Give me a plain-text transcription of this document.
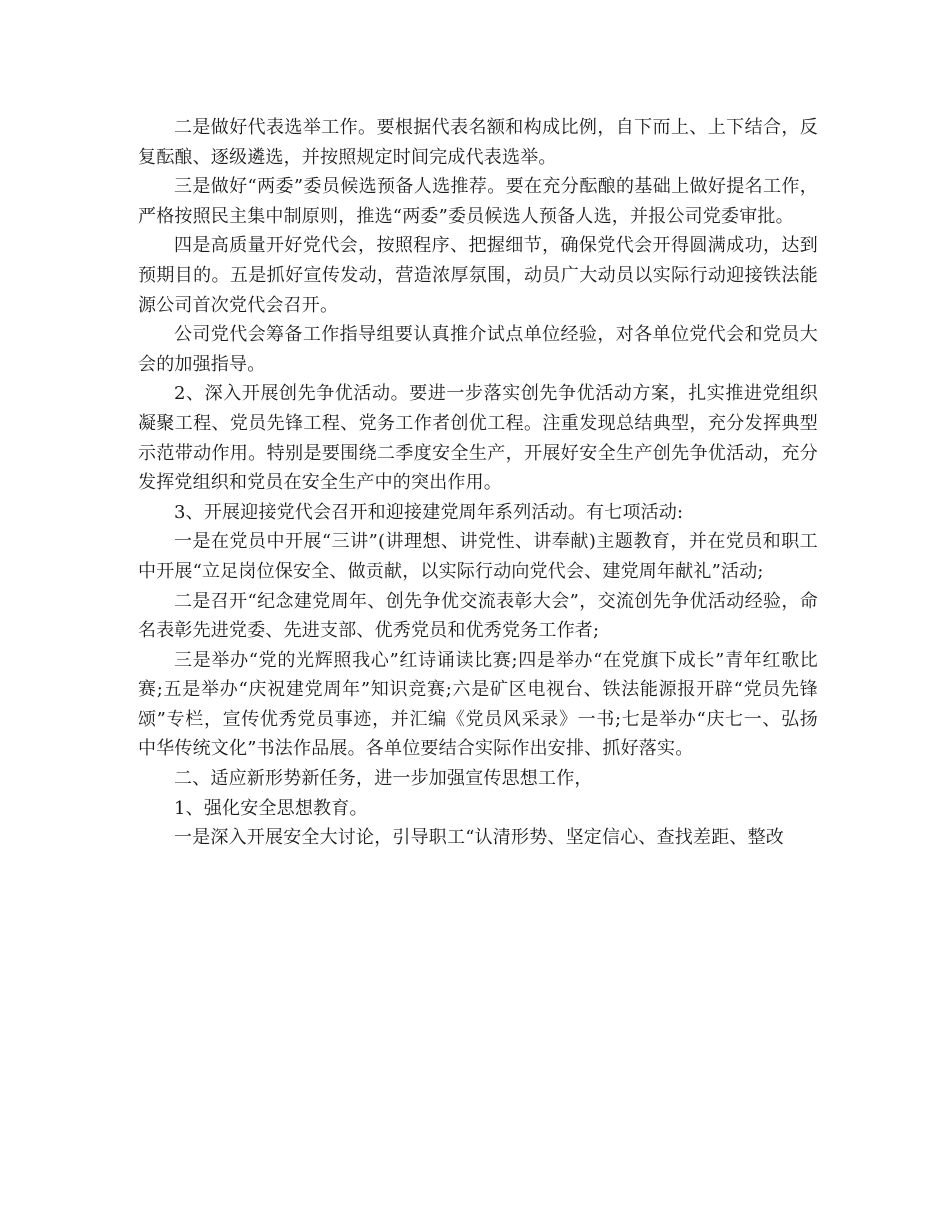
二是做好代表选举工作。要根据代表名额和构成比例，自下而上、上下结合，反复酝酿、逐级遴选，并按照规定时间完成代表选举。

三是做好“两委”委员候选预备人选推荐。要在充分酝酿的基础上做好提名工作，严格按照民主集中制原则，推选“两委”委员候选人预备人选，并报公司党委审批。

四是高质量开好党代会，按照程序、把握细节，确保党代会开得圆满成功，达到预期目的。五是抓好宣传发动，营造浓厚氛围，动员广大动员以实际行动迎接铁法能源公司首次党代会召开。

公司党代会筹备工作指导组要认真推介试点单位经验，对各单位党代会和党员大会的加强指导。

2、深入开展创先争优活动。要进一步落实创先争优活动方案，扎实推进党组织凝聚工程、党员先锋工程、党务工作者创优工程。注重发现总结典型，充分发挥典型示范带动作用。特别是要围绕二季度安全生产，开展好安全生产创先争优活动，充分发挥党组织和党员在安全生产中的突出作用。

3、开展迎接党代会召开和迎接建党周年系列活动。有七项活动:

一是在党员中开展“三讲”(讲理想、讲党性、讲奉献)主题教育，并在党员和职工中开展“立足岗位保安全、做贡献，以实际行动向党代会、建党周年献礼”活动;

二是召开“纪念建党周年、创先争优交流表彰大会”，交流创先争优活动经验，命名表彰先进党委、先进支部、优秀党员和优秀党务工作者;

三是举办“党的光辉照我心”红诗诵读比赛;四是举办“在党旗下成长”青年红歌比赛;五是举办“庆祝建党周年”知识竞赛;六是矿区电视台、铁法能源报开辟“党员先锋颂”专栏，宣传优秀党员事迹，并汇编《党员风采录》一书;七是举办“庆七一、弘扬中华传统文化”书法作品展。各单位要结合实际作出安排、抓好落实。

二、适应新形势新任务，进一步加强宣传思想工作，

1、强化安全思想教育。

一是深入开展安全大讨论，引导职工“认清形势、坚定信心、查找差距、整改
